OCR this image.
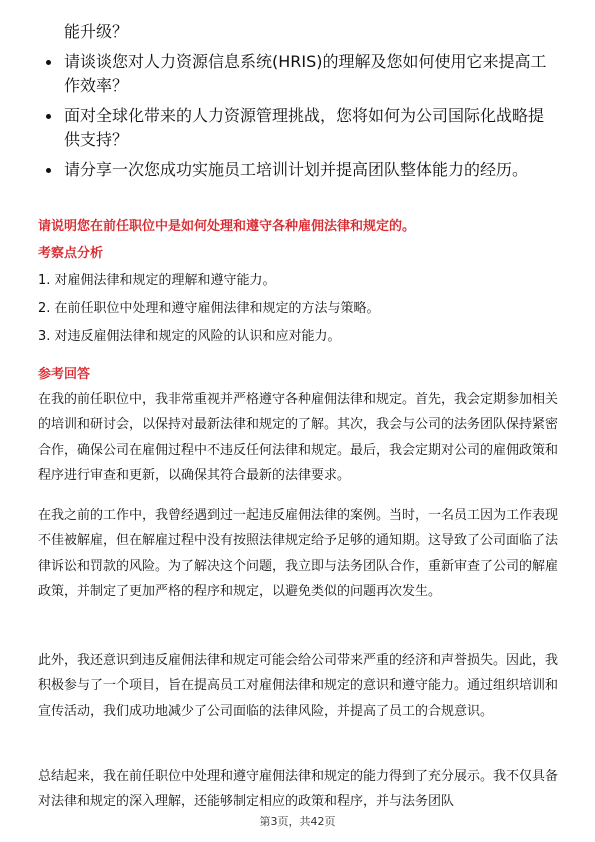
能升级？
请谈谈您对人力资源信息系统(HRIS)的理解及您如何使用它来提高工作效率？
面对全球化带来的人力资源管理挑战，您将如何为公司国际化战略提供支持？
请分享一次您成功实施员工培训计划并提高团队整体能力的经历。
请说明您在前任职位中是如何处理和遵守各种雇佣法律和规定的。
考察点分析
1. 对雇佣法律和规定的理解和遵守能力。
2. 在前任职位中处理和遵守雇佣法律和规定的方法与策略。
3. 对违反雇佣法律和规定的风险的认识和应对能力。
参考回答
在我的前任职位中，我非常重视并严格遵守各种雇佣法律和规定。首先，我会定期参加相关的培训和研讨会，以保持对最新法律和规定的了解。其次，我会与公司的法务团队保持紧密合作，确保公司在雇佣过程中不违反任何法律和规定。最后，我会定期对公司的雇佣政策和程序进行审查和更新，以确保其符合最新的法律要求。
在我之前的工作中，我曾经遇到过一起违反雇佣法律的案例。当时，一名员工因为工作表现不佳被解雇，但在解雇过程中没有按照法律规定给予足够的通知期。这导致了公司面临了法律诉讼和罚款的风险。为了解决这个问题，我立即与法务团队合作，重新审查了公司的解雇政策，并制定了更加严格的程序和规定，以避免类似的问题再次发生。
此外，我还意识到违反雇佣法律和规定可能会给公司带来严重的经济和声誉损失。因此，我积极参与了一个项目，旨在提高员工对雇佣法律和规定的意识和遵守能力。通过组织培训和宣传活动，我们成功地减少了公司面临的法律风险，并提高了员工的合规意识。
总结起来，我在前任职位中处理和遵守雇佣法律和规定的能力得到了充分展示。我不仅具备对法律和规定的深入理解，还能够制定相应的政策和程序，并与法务团队
第3页，共42页
